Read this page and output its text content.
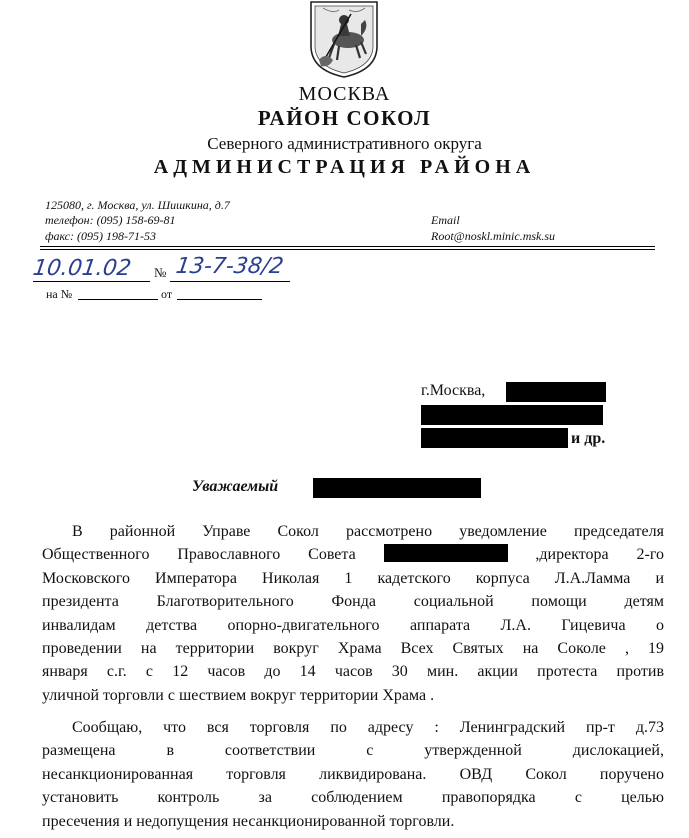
МОСКВА
РАЙОН СОКОЛ
Северного административного округа
АДМИНИСТРАЦИЯ РАЙОНА
125080, г. Москва, ул. Шишкина, д.7
телефон: (095) 158-69-81
факс: (095) 198-71-53
Email
Root@noskl.minic.msk.su
10.01.02 № 13-7-38/2
на №	от
г.Москва,
и др.
Уважаемый

В районной Управе Сокол рассмотрено уведомление председателя

Общественного Православного Совета	,директора 2-го

Московского Императора Николая 1 кадетского корпуса Л.А.Ламма и

президента Благотворительного Фонда социальной помощи детям

инвалидам детства опорно-двигательного аппарата Л.А. Гицевича о

проведении на территории вокруг Храма Всех Святых на Соколе , 19

января с.г. с 12 часов до 14 часов 30 мин. акции протеста против

уличной торговли с шествием вокруг территории Храма .

Сообщаю, что вся торговля по адресу : Ленинградский пр-т д.73

размещена в соответствии с утвержденной дислокацией,

несанкционированная торговля ликвидирована. ОВД Сокол поручено

установить контроль за соблюдением правопорядка с целью

пресечения и недопущения несанкционированной торговли.
